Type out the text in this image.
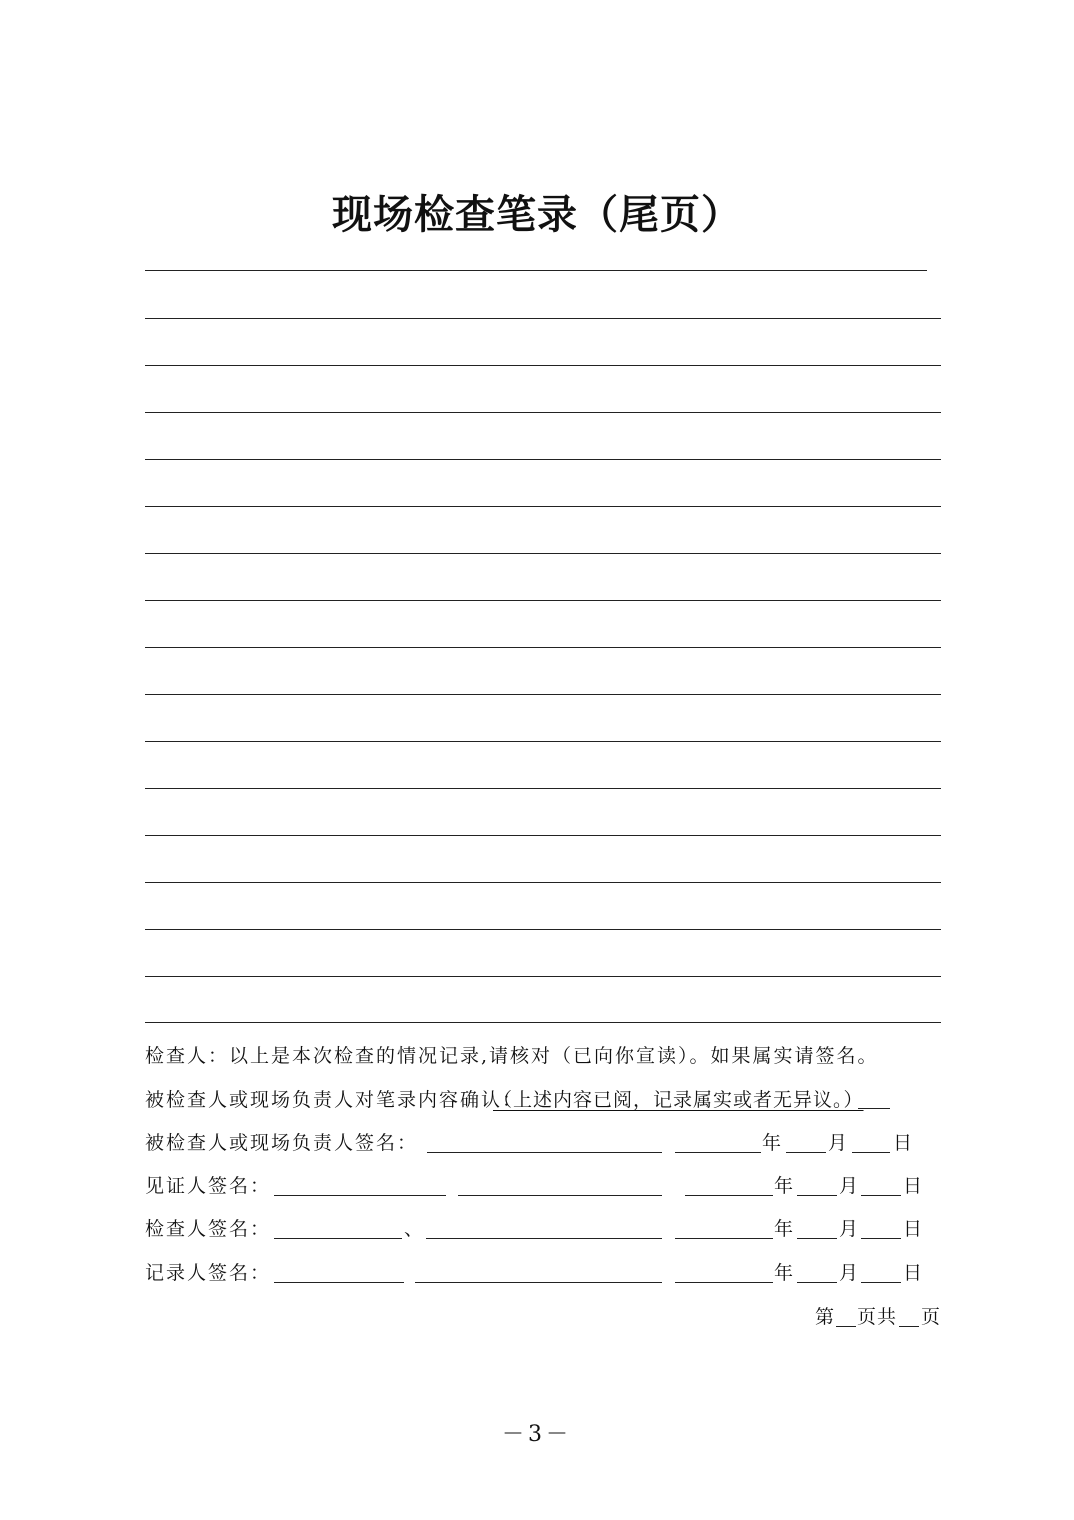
现场检查笔录（尾页）
检查人：以上是本次检查的情况记录,请核对（已向你宣读）。如果属实请签名。
被检查人或现场负责人对笔录内容确认：
（上述内容已阅，记录属实或者无异议。）
被检查人或现场负责人签名：	年 月 日
见证人签名：	年 月 日
检查人签名：	、	年 月 日
记录人签名：	年 月 日
第 页共 页
－3－
